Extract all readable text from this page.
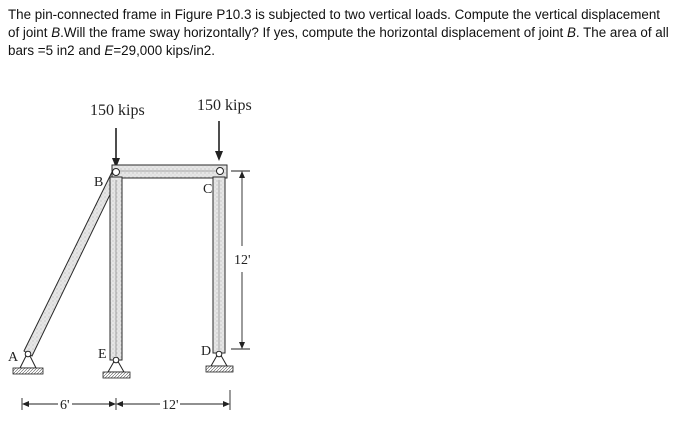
The pin-connected frame in Figure P10.3 is subjected to two vertical loads. Compute the vertical displacement of joint B.Will the frame sway horizontally? If yes, compute the horizontal displacement of joint B. The area of all bars =5 in2 and E=29,000 kips/in2.

150 kips	150 kips
A
B	C
D
E
12'
6'	12'
